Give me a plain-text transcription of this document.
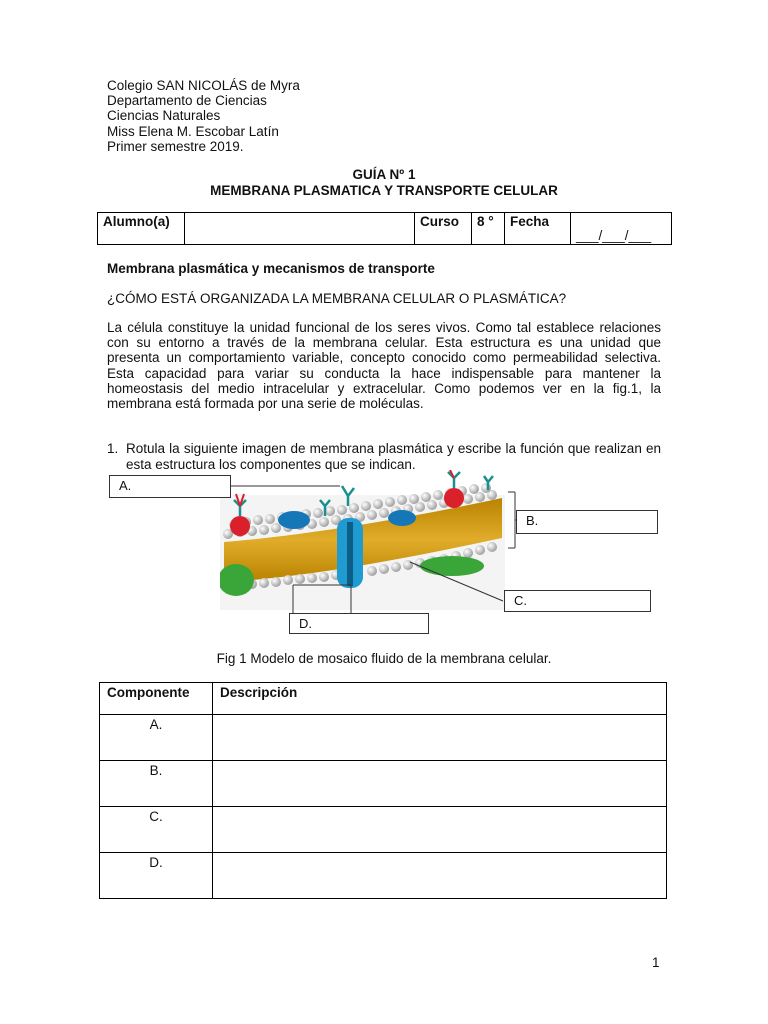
Colegio SAN NICOLÁS de Myra
Departamento de Ciencias
Ciencias Naturales
Miss Elena M. Escobar Latín
Primer semestre 2019.
GUÍA Nº 1
MEMBRANA PLASMATICA Y TRANSPORTE CELULAR
Alumno(a)		Curso	8 °	Fecha	___/___/___
Membrana plasmática y mecanismos de transporte
¿CÓMO ESTÁ ORGANIZADA LA MEMBRANA CELULAR O PLASMÁTICA?
La célula constituye la unidad funcional de los seres vivos. Como tal establece relaciones con su entorno a través de la membrana celular. Esta estructura es una unidad que presenta un comportamiento variable, concepto conocido como permeabilidad selectiva. Esta capacidad para variar su conducta la hace indispensable para mantener la homeostasis del medio intracelular y extracelular. Como podemos ver en la fig.1, la membrana está formada por una serie de moléculas.
1. Rotula la siguiente imagen de membrana plasmática y escribe la función que realizan en esta estructura los componentes que se indican.
A.
B.
C.
D.
Fig 1 Modelo de mosaico fluido de la membrana celular.
Componente	Descripción
A.	
B.	
C.	
D.	
1
